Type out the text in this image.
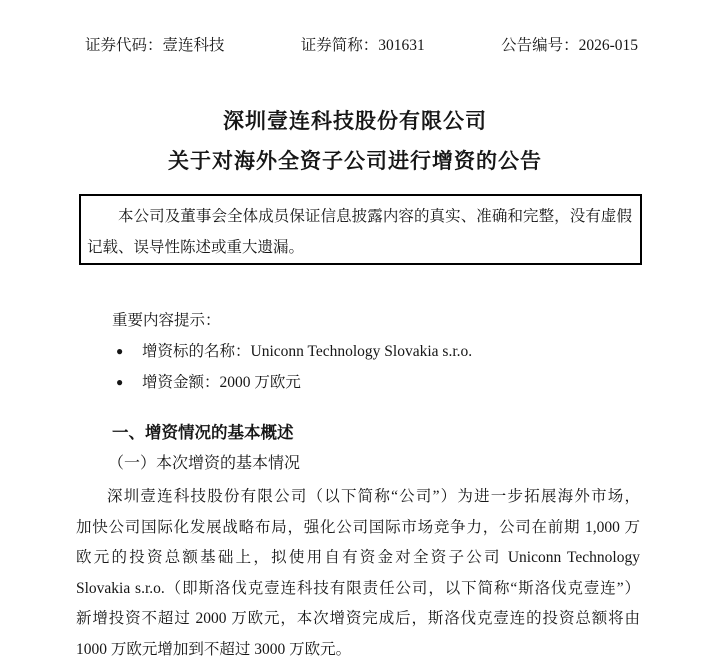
证券代码：壹连科技	证券简称：301631	公告编号：2026-015
深圳壹连科技股份有限公司
关于对海外全资子公司进行增资的公告
本公司及董事会全体成员保证信息披露内容的真实、准确和完整，没有虚假
记载、误导性陈述或重大遗漏。
重要内容提示：
●	增资标的名称：Uniconn Technology Slovakia s.r.o.
●	增资金额：2000 万欧元
一、增资情况的基本概述
（一）本次增资的基本情况
深圳壹连科技股份有限公司（以下简称“公司”）为进一步拓展海外市场，
加快公司国际化发展战略布局，强化公司国际市场竞争力，公司在前期 1,000 万
欧元的投资总额基础上，拟使用自有资金对全资子公司 Uniconn Technology
Slovakia s.r.o.（即斯洛伐克壹连科技有限责任公司，以下简称“斯洛伐克壹连”）
新增投资不超过 2000 万欧元，本次增资完成后，斯洛伐克壹连的投资总额将由
1000 万欧元增加到不超过 3000 万欧元。
